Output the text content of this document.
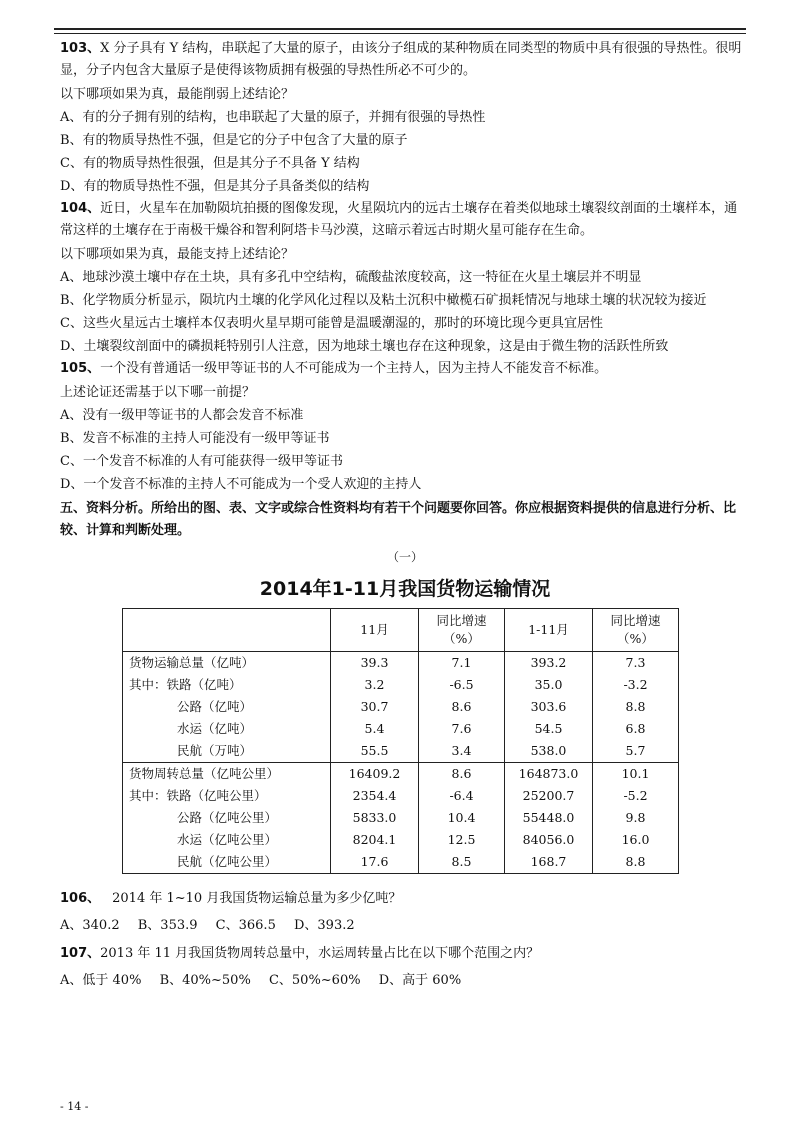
103、X 分子具有 Y 结构，串联起了大量的原子，由该分子组成的某种物质在同类型的物质中具有很强的导热性。很明显，分子内包含大量原子是使得该物质拥有极强的导热性所必不可少的。

以下哪项如果为真，最能削弱上述结论？

A、有的分子拥有别的结构，也串联起了大量的原子，并拥有很强的导热性

B、有的物质导热性不强，但是它的分子中包含了大量的原子

C、有的物质导热性很强，但是其分子不具备 Y 结构

D、有的物质导热性不强，但是其分子具备类似的结构

104、近日，火星车在加勒陨坑拍摄的图像发现，火星陨坑内的远古土壤存在着类似地球土壤裂纹剖面的土壤样本，通常这样的土壤存在于南极干燥谷和智利阿塔卡马沙漠，这暗示着远古时期火星可能存在生命。

以下哪项如果为真，最能支持上述结论？

A、地球沙漠土壤中存在土块，具有多孔中空结构，硫酸盐浓度较高，这一特征在火星土壤层并不明显

B、化学物质分析显示，陨坑内土壤的化学风化过程以及粘土沉积中橄榄石矿损耗情况与地球土壤的状况较为接近

C、这些火星远古土壤样本仅表明火星早期可能曾是温暖潮湿的，那时的环境比现今更具宜居性

D、土壤裂纹剖面中的磷损耗特别引人注意，因为地球土壤也存在这种现象，这是由于微生物的活跃性所致

105、一个没有普通话一级甲等证书的人不可能成为一个主持人，因为主持人不能发音不标准。

上述论证还需基于以下哪一前提？

A、没有一级甲等证书的人都会发音不标准

B、发音不标准的主持人可能没有一级甲等证书

C、一个发音不标准的人有可能获得一级甲等证书

D、一个发音不标准的主持人不可能成为一个受人欢迎的主持人

五、资料分析。所给出的图、表、文字或综合性资料均有若干个问题要你回答。你应根据资料提供的信息进行分析、比较、计算和判断处理。

（一）

2014年1-11月我国货物运输情况
	11月	同比增速（%）	1-11月	同比增速（%）
货物运输总量（亿吨）	39.3	7.1	393.2	7.3
其中：铁路（亿吨）	3.2	-6.5	35.0	-3.2
公路（亿吨）	30.7	8.6	303.6	8.8
水运（亿吨）	5.4	7.6	54.5	6.8
民航（万吨）	55.5	3.4	538.0	5.7
货物周转总量（亿吨公里）	16409.2	8.6	164873.0	10.1
其中：铁路（亿吨公里）	2354.4	-6.4	25200.7	-5.2
公路（亿吨公里）	5833.0	10.4	55448.0	9.8
水运（亿吨公里）	8204.1	12.5	84056.0	16.0
民航（亿吨公里）	17.6	8.5	168.7	8.8

106、 2014 年 1~10 月我国货物运输总量为多少亿吨？

A、340.2 B、353.9 C、366.5 D、393.2

107、2013 年 11 月我国货物周转总量中，水运周转量占比在以下哪个范围之内？

A、低于 40% B、40%~50% C、50%~60% D、高于 60%

- 14 -
